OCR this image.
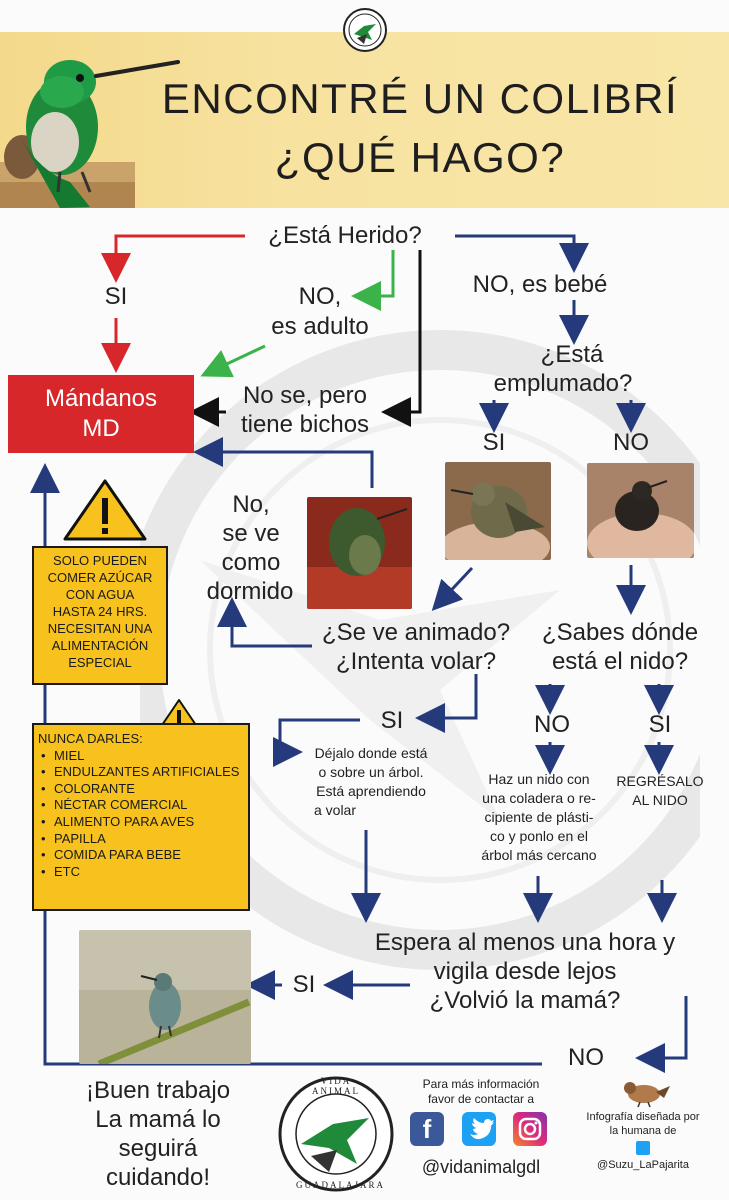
ENCONTRÉ UN COLIBRÍ
¿QUÉ HAGO?
¿Está Herido?
SI	NO,
es adulto
NO, es bebé
¿Está
emplumado?
No se, pero
tiene bichos
SI	NO
Mándanos
MD
SOLO PUEDEN
COMER AZÚCAR
CON AGUA
HASTA 24 HRS.
NECESITAN UNA
ALIMENTACIÓN
ESPECIAL
No,
se ve
como
dormido
¿Se ve animado?
¿Intenta volar?
¿Sabes dónde
está el nido?
SI	NO	SI
NUNCA DARLES:
• MIEL
• ENDULZANTES ARTIFICIALES
• COLORANTE
• NÉCTAR COMERCIAL
• ALIMENTO PARA AVES
• PAPILLA
• COMIDA PARA BEBE
• ETC
Déjalo donde está
o sobre un árbol.
Está aprendiendo
a volar
Haz un nido con
una coladera o re-
cipiente de plásti-
co y ponlo en el
árbol más cercano
REGRÉSALO
AL NIDO
Espera al menos una hora y
vigila desde lejos
¿Volvió la mamá?
SI
NO
¡Buen trabajo
La mamá lo
seguirá
cuidando!
VIDA ANIMAL
GUADALAJARA
Para más información
favor de contactar a
f
@vidanimalgdl
Infografía diseñada por
la humana de
@Suzu_LaPajarita
